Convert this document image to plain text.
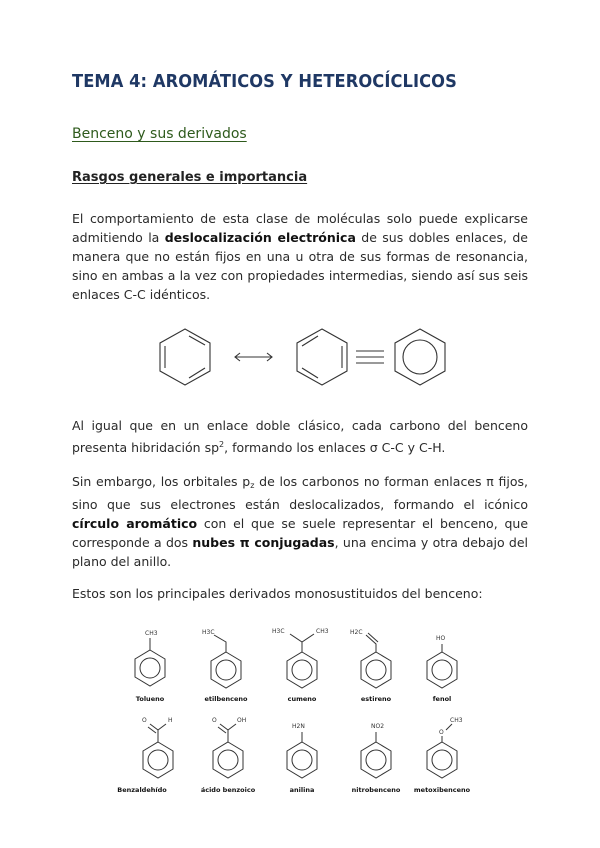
TEMA 4: AROMÁTICOS Y HETEROCÍCLICOS
Benceno y sus derivados
Rasgos generales e importancia

El comportamiento de esta clase de moléculas solo puede explicarse admitiendo la deslocalización electrónica de sus dobles enlaces, de manera que no están fijos en una u otra de sus formas de resonancia, sino en ambas a la vez con propiedades intermedias, siendo así sus seis enlaces C-C idénticos.

Al igual que en un enlace doble clásico, cada carbono del benceno presenta hibridación $sp^2$, formando los enlaces σ C-C y C-H.

Sin embargo, los orbitales pz de los carbonos no forman enlaces π fijos, sino que sus electrones están deslocalizados, formando el icónico círculo aromático con el que se suele representar el benceno, que corresponde a dos nubes π conjugadas, una encima y otra debajo del plano del anillo.

Estos son los principales derivados monosustituidos del benceno:

CH3
Tolueno
H3C
etilbenceno
H3C	CH3
cumeno
H2C
estireno
HO
fenol
O	H
Benzaldehído
O	OH
ácido benzoico
H2N
anilina
NO2
nitrobenceno
O
CH3
metoxibenceno
